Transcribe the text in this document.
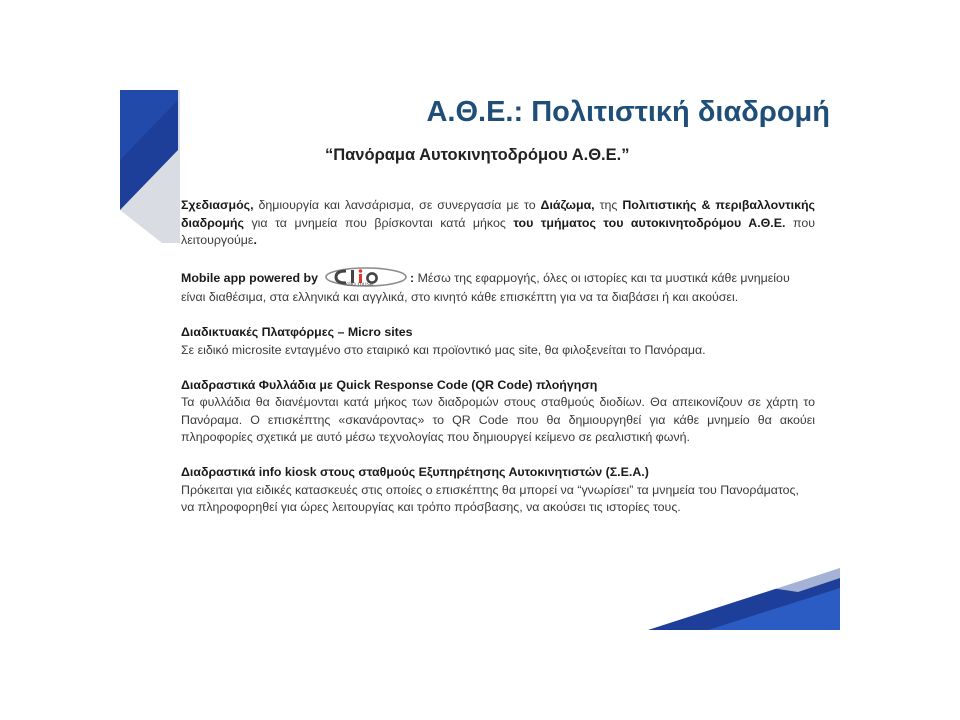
Α.Θ.Ε.: Πολιτιστική διαδρομή
“Πανόραμα Αυτοκινητοδρόμου Α.Θ.Ε.”

Σχεδιασμός, δημιουργία και λανσάρισμα, σε συνεργασία με το Διάζωμα, της Πολιτιστικής & περιβαλλοντικής διαδρομής για τα μνημεία που βρίσκονται κατά μήκος του τμήματος του αυτοκινητοδρόμου Α.Θ.Ε. που λειτουργούμε.

Mobile app powered by	clio muse	: Μέσω της εφαρμογής, όλες οι ιστορίες και τα μυστικά κάθε μνημείου είναι διαθέσιμα, στα ελληνικά και αγγλικά, στο κινητό κάθε επισκέπτη για να τα διαβάσει ή και ακούσει.

Διαδικτυακές Πλατφόρμες – Micro sites
Σε ειδικό microsite ενταγμένο στο εταιρικό και προϊοντικό μας site, θα φιλοξενείται το Πανόραμα.

Διαδραστικά Φυλλάδια με Quick Response Code (QR Code) πλοήγηση
Τα φυλλάδια θα διανέμονται κατά μήκος των διαδρομών στους σταθμούς διοδίων. Θα απεικονίζουν σε χάρτη το Πανόραμα. Ο επισκέπτης «σκανάροντας» το QR Code που θα δημιουργηθεί για κάθε μνημείο θα ακούει πληροφορίες σχετικά με αυτό μέσω τεχνολογίας που δημιουργεί κείμενο σε ρεαλιστική φωνή.

Διαδραστικά info kiosk στους σταθμούς Εξυπηρέτησης Αυτοκινητιστών (Σ.Ε.Α.)
Πρόκειται για ειδικές κατασκευές στις οποίες ο επισκέπτης θα μπορεί να “γνωρίσει” τα μνημεία του Πανοράματος, να πληροφορηθεί για ώρες λειτουργίας και τρόπο πρόσβασης, να ακούσει τις ιστορίες τους.
